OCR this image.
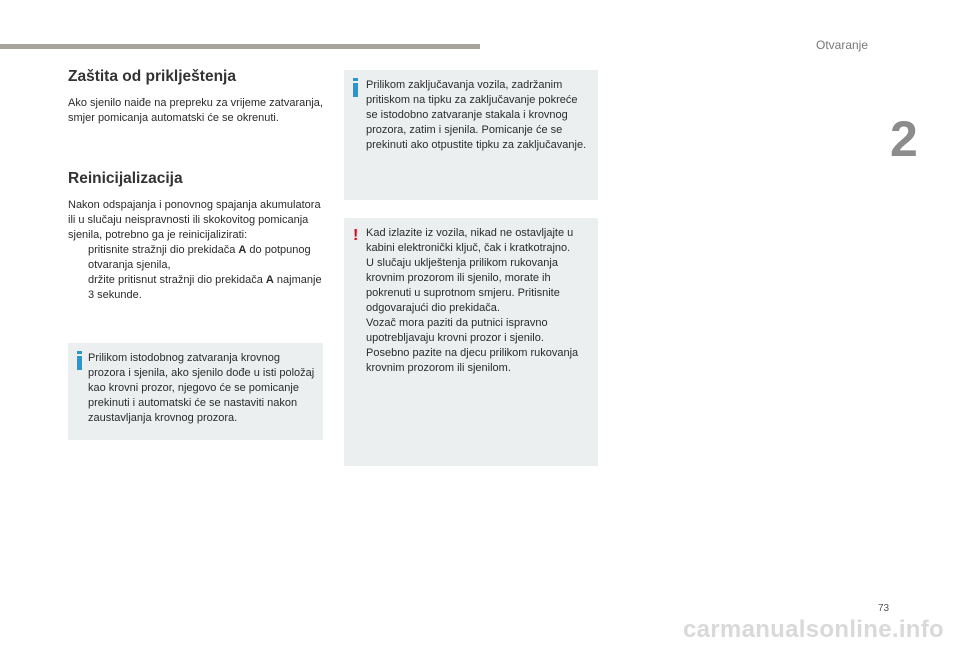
Otvaranje
2
Zaštita od priklještenja

Ako sjenilo naiđe na prepreku za vrijeme zatvaranja, smjer pomicanja automatski će se okrenuti.

Reinicijalizacija

Nakon odspajanja i ponovnog spajanja akumulatora ili u slučaju neispravnosti ili skokovitog pomicanja sjenila, potrebno ga je reinicijalizirati:

pritisnite stražnji dio prekidača A do potpunog otvaranja sjenila,
držite pritisnut stražnji dio prekidača A najmanje 3 sekunde.

Prilikom istodobnog zatvaranja krovnog prozora i sjenila, ako sjenilo dođe u isti položaj kao krovni prozor, njegovo će se pomicanje prekinuti i automatski će se nastaviti nakon zaustavljanja krovnog prozora.

Prilikom zaključavanja vozila, zadržanim pritiskom na tipku za zaključavanje pokreće se istodobno zatvaranje stakala i krovnog prozora, zatim i sjenila. Pomicanje će se prekinuti ako otpustite tipku za zaključavanje.

! Kad izlazite iz vozila, nikad ne ostavljajte u kabini elektronički ključ, čak i kratkotrajno.

U slučaju uklještenja prilikom rukovanja krovnim prozorom ili sjenilo, morate ih pokrenuti u suprotnom smjeru. Pritisnite odgovarajući dio prekidača.

Vozač mora paziti da putnici ispravno upotrebljavaju krovni prozor i sjenilo. Posebno pazite na djecu prilikom rukovanja krovnim prozorom ili sjenilom.

73
carmanualsonline.info
